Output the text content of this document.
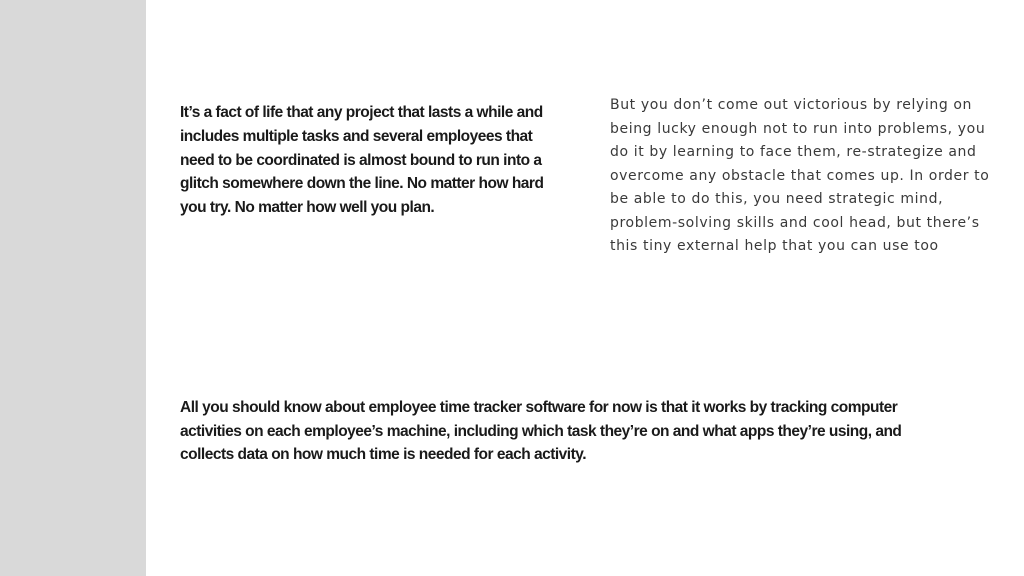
It’s a fact of life that any project that lasts a while and includes multiple tasks and several employees that need to be coordinated is almost bound to run into a glitch somewhere down the line. No matter how hard you try. No matter how well you plan.

But you don’t come out victorious by relying on being lucky enough not to run into problems, you do it by learning to face them, re-strategize and overcome any obstacle that comes up. In order to be able to do this, you need strategic mind, problem-solving skills and cool head, but there’s this tiny external help that you can use too

All you should know about employee time tracker software for now is that it works by tracking computer activities on each employee’s machine, including which task they’re on and what apps they’re using, and collects data on how much time is needed for each activity.
